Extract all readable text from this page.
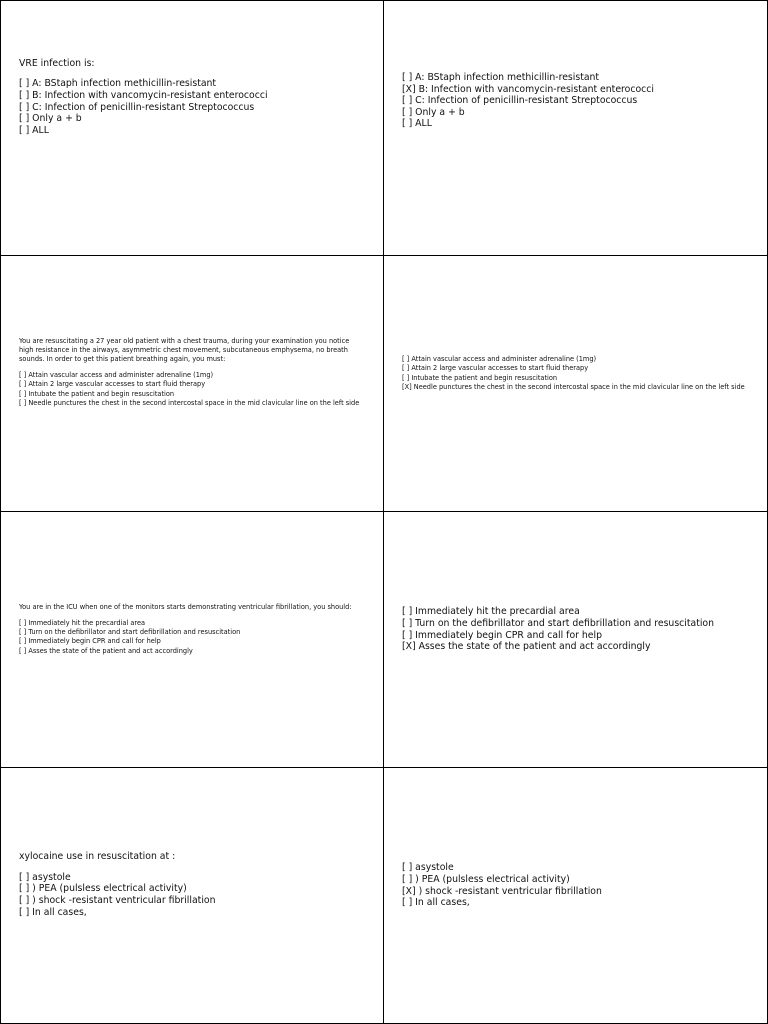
VRE infection is:
[ ] A: BStaph infection methicillin-resistant
[ ] B: Infection with vancomycin-resistant enterococci
[ ] C: Infection of penicillin-resistant Streptococcus
[ ] Only a + b
[ ] ALL
[ ] A: BStaph infection methicillin-resistant
[X] B: Infection with vancomycin-resistant enterococci
[ ] C: Infection of penicillin-resistant Streptococcus
[ ] Only a + b
[ ] ALL
You are resuscitating a 27 year old patient with a chest trauma, during your examination you notice high resistance in the airways, asymmetric chest movement, subcutaneous emphysema, no breath sounds. In order to get this patient breathing again, you must:
[ ] Attain vascular access and administer adrenaline (1mg)
[ ] Attain 2 large vascular accesses to start fluid therapy
[ ] Intubate the patient and begin resuscitation
[ ] Needle punctures the chest in the second intercostal space in the mid clavicular line on the left side
[ ] Attain vascular access and administer adrenaline (1mg)
[ ] Attain 2 large vascular accesses to start fluid therapy
[ ] Intubate the patient and begin resuscitation
[X] Needle punctures the chest in the second intercostal space in the mid clavicular line on the left side
You are in the ICU when one of the monitors starts demonstrating ventricular fibrillation, you should:
[ ] Immediately hit the precardial area
[ ] Turn on the defibrillator and start defibrillation and resuscitation
[ ] Immediately begin CPR and call for help
[ ] Asses the state of the patient and act accordingly
[ ] Immediately hit the precardial area
[ ] Turn on the defibrillator and start defibrillation and resuscitation
[ ] Immediately begin CPR and call for help
[X] Asses the state of the patient and act accordingly
xylocaine use in resuscitation at :
[ ] asystole
[ ] ) PEA (pulsless electrical activity)
[ ] ) shock -resistant ventricular fibrillation
[ ] In all cases,
[ ] asystole
[ ] ) PEA (pulsless electrical activity)
[X] ) shock -resistant ventricular fibrillation
[ ] In all cases,
